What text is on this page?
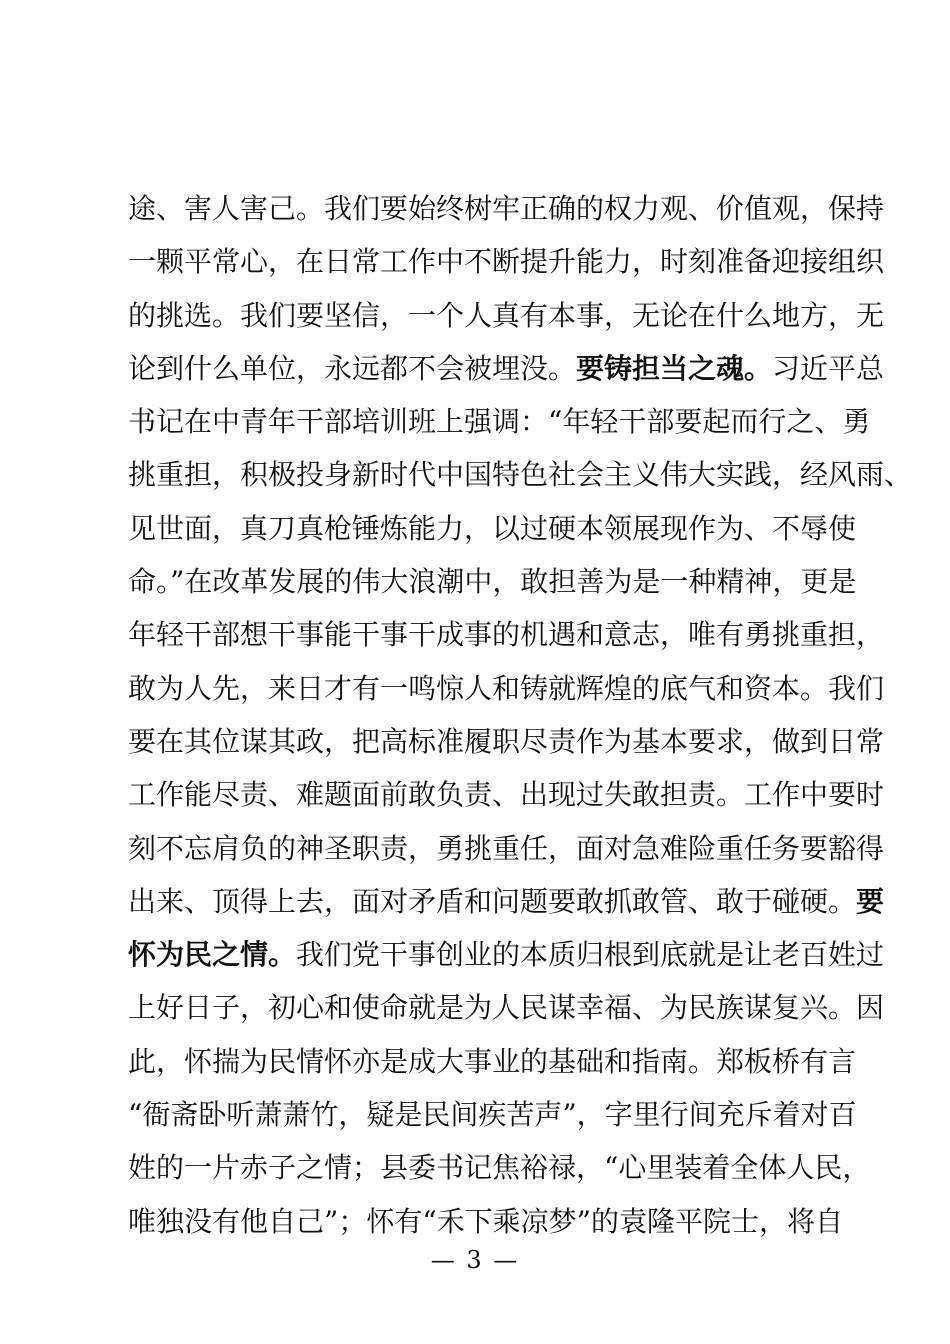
途、害人害己。我们要始终树牢正确的权力观、价值观，保持
一颗平常心，在日常工作中不断提升能力，时刻准备迎接组织
的挑选。我们要坚信，一个人真有本事，无论在什么地方，无
论到什么单位，永远都不会被埋没。要铸担当之魂。习近平总
书记在中青年干部培训班上强调：“年轻干部要起而行之、勇
挑重担，积极投身新时代中国特色社会主义伟大实践，经风雨、
见世面，真刀真枪锤炼能力，以过硬本领展现作为、不辱使
命。”在改革发展的伟大浪潮中，敢担善为是一种精神，更是
年轻干部想干事能干事干成事的机遇和意志，唯有勇挑重担，
敢为人先，来日才有一鸣惊人和铸就辉煌的底气和资本。我们
要在其位谋其政，把高标准履职尽责作为基本要求，做到日常
工作能尽责、难题面前敢负责、出现过失敢担责。工作中要时
刻不忘肩负的神圣职责，勇挑重任，面对急难险重任务要豁得
出来、顶得上去，面对矛盾和问题要敢抓敢管、敢于碰硬。要
怀为民之情。我们党干事创业的本质归根到底就是让老百姓过
上好日子，初心和使命就是为人民谋幸福、为民族谋复兴。因
此，怀揣为民情怀亦是成大事业的基础和指南。郑板桥有言
“衙斋卧听萧萧竹，疑是民间疾苦声”，字里行间充斥着对百
姓的一片赤子之情；县委书记焦裕禄，“心里装着全体人民，
唯独没有他自己”；怀有“禾下乘凉梦”的袁隆平院士，将自
— 3 —
